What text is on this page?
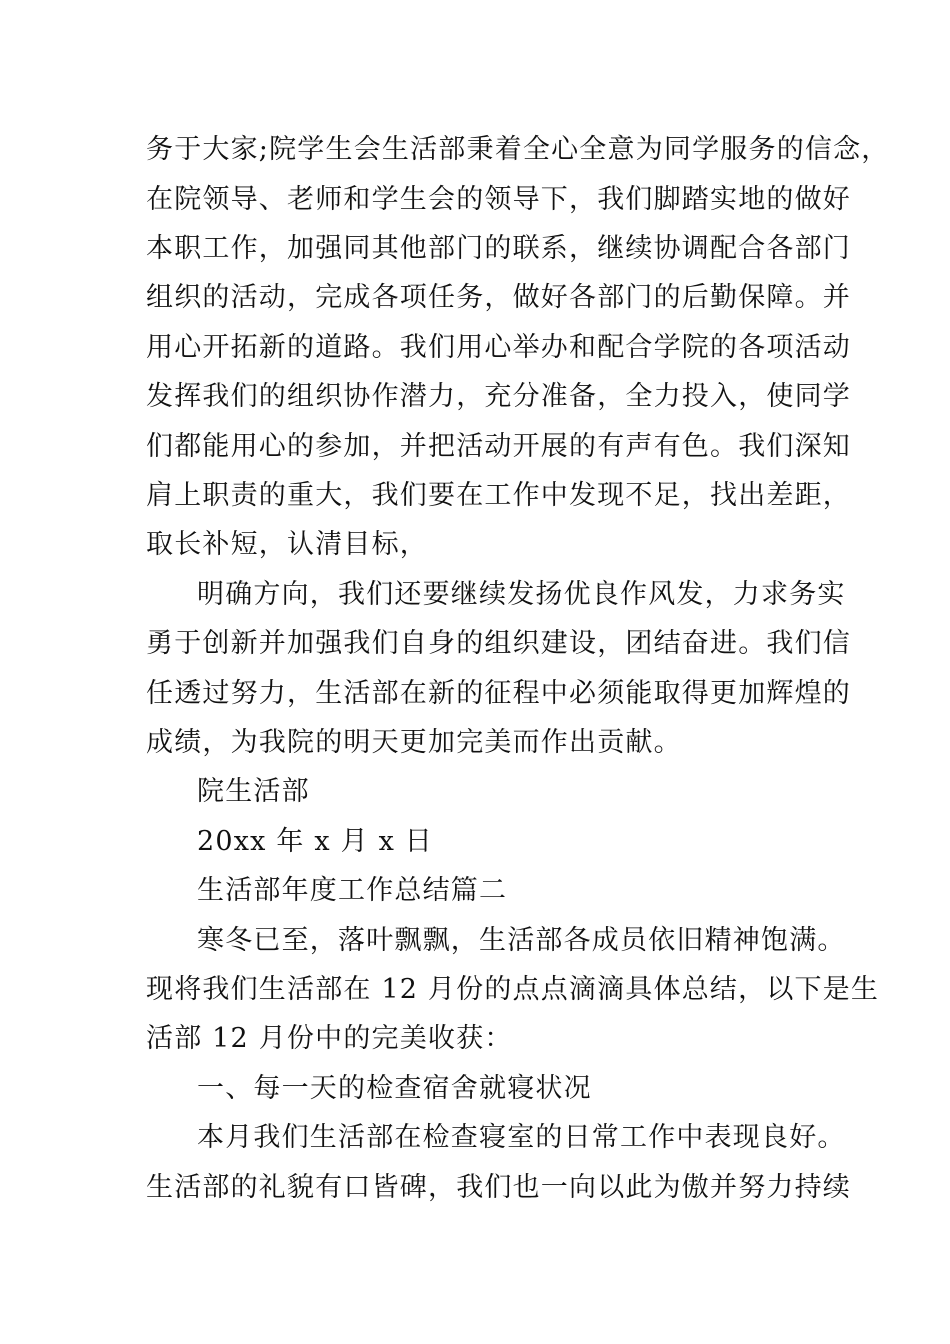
务于大家;院学生会生活部秉着全心全意为同学服务的信念，
在院领导、老师和学生会的领导下，我们脚踏实地的做好
本职工作，加强同其他部门的联系，继续协调配合各部门
组织的活动，完成各项任务，做好各部门的后勤保障。并
用心开拓新的道路。我们用心举办和配合学院的各项活动
发挥我们的组织协作潜力，充分准备，全力投入，使同学
们都能用心的参加，并把活动开展的有声有色。我们深知
肩上职责的重大，我们要在工作中发现不足，找出差距，
取长补短，认清目标，
明确方向，我们还要继续发扬优良作风发，力求务实
勇于创新并加强我们自身的组织建设，团结奋进。我们信
任透过努力，生活部在新的征程中必须能取得更加辉煌的
成绩，为我院的明天更加完美而作出贡献。
院生活部
20xx 年 x 月 x 日
生活部年度工作总结篇二
寒冬已至，落叶飘飘，生活部各成员依旧精神饱满。
现将我们生活部在 12 月份的点点滴滴具体总结，以下是生
活部 12 月份中的完美收获：
一、每一天的检查宿舍就寝状况
本月我们生活部在检查寝室的日常工作中表现良好。
生活部的礼貌有口皆碑，我们也一向以此为傲并努力持续
